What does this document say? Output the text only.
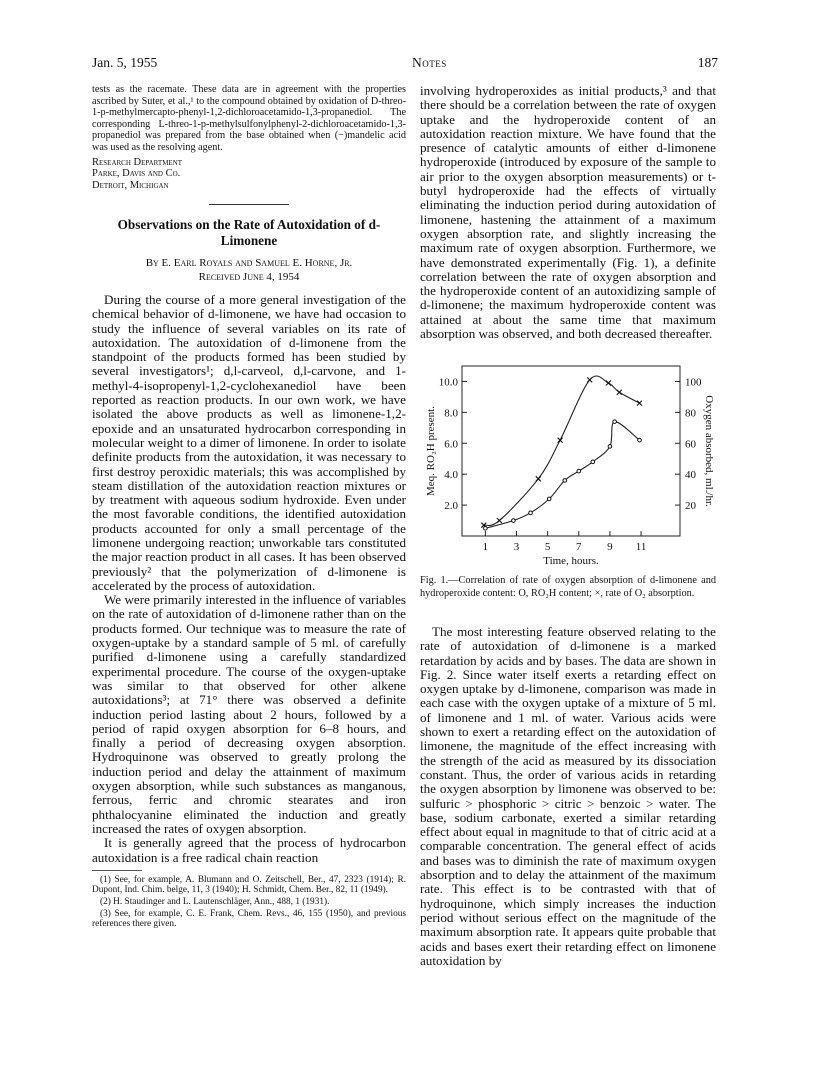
Jan. 5, 1955	Notes	187

tests as the racemate. These data are in agreement with the properties ascribed by Suter, et al.,¹ to the compound obtained by oxidation of D-threo-1-p-methylmercapto-phenyl-1,2-dichloroacetamido-1,3-propanediol. The corresponding L-threo-1-p-methylsulfonylphenyl-2-dichloroacetamido-1,3-propanediol was prepared from the base obtained when (−)mandelic acid was used as the resolving agent.

Research Department

Parke, Davis and Co.

Detroit, Michigan

Observations on the Rate of Autoxidation of d-Limonene

By E. Earl Royals and Samuel E. Horne, Jr.

Received June 4, 1954

During the course of a more general investigation of the chemical behavior of d-limonene, we have had occasion to study the influence of several variables on its rate of autoxidation. The autoxidation of d-limonene from the standpoint of the products formed has been studied by several investigators¹; d,l-carveol, d,l-carvone, and 1-methyl-4-isopropenyl-1,2-cyclohexanediol have been reported as reaction products. In our own work, we have isolated the above products as well as limonene-1,2-epoxide and an unsaturated hydrocarbon corresponding in molecular weight to a dimer of limonene. In order to isolate definite products from the autoxidation, it was necessary to first destroy peroxidic materials; this was accomplished by steam distillation of the autoxidation reaction mixtures or by treatment with aqueous sodium hydroxide. Even under the most favorable conditions, the identified autoxidation products accounted for only a small percentage of the limonene undergoing reaction; unworkable tars constituted the major reaction product in all cases. It has been observed previously² that the polymerization of d-limonene is accelerated by the process of autoxidation.

We were primarily interested in the influence of variables on the rate of autoxidation of d-limonene rather than on the products formed. Our technique was to measure the rate of oxygen-uptake by a standard sample of 5 ml. of carefully purified d-limonene using a carefully standardized experimental procedure. The course of the oxygen-uptake was similar to that observed for other alkene autoxidations³; at 71° there was observed a definite induction period lasting about 2 hours, followed by a period of rapid oxygen absorption for 6–8 hours, and finally a period of decreasing oxygen absorption. Hydroquinone was observed to greatly prolong the induction period and delay the attainment of maximum oxygen absorption, while such substances as manganous, ferrous, ferric and chromic stearates and iron phthalocyanine eliminated the induction and greatly increased the rates of oxygen absorption.

It is generally agreed that the process of hydrocarbon autoxidation is a free radical chain reaction

(1) See, for example, A. Blumann and O. Zeitschell, Ber., 47, 2323 (1914); R. Dupont, Ind. Chim. belge, 11, 3 (1940); H. Schmidt, Chem. Ber., 82, 11 (1949).

(2) H. Staudinger and L. Lautenschläger, Ann., 488, 1 (1931).

(3) See, for example, C. E. Frank, Chem. Revs., 46, 155 (1950), and previous references there given.

involving hydroperoxides as initial products,³ and that there should be a correlation between the rate of oxygen uptake and the hydroperoxide content of an autoxidation reaction mixture. We have found that the presence of catalytic amounts of either d-limonene hydroperoxide (introduced by exposure of the sample to air prior to the oxygen absorption measurements) or t-butyl hydroperoxide had the effects of virtually eliminating the induction period during autoxidation of limonene, hastening the attainment of a maximum oxygen absorption rate, and slightly increasing the maximum rate of oxygen absorption. Furthermore, we have demonstrated experimentally (Fig. 1), a definite correlation between the rate of oxygen absorption and the hydroperoxide content of an autoxidizing sample of d-limonene; the maximum hydroperoxide content was attained at about the same time that maximum absorption was observed, and both decreased thereafter.

1 3 5 7 9 11
2.0
4.0
6.0
8.0
10.0
20
40
60
80
100
Time, hours.
Meq. RO₂H present.	Oxygen absorbed, ml./hr.

Fig. 1.—Correlation of rate of oxygen absorption of d-limonene and hydroperoxide content: O, RO₂H content; ×, rate of O₂ absorption.

The most interesting feature observed relating to the rate of autoxidation of d-limonene is a marked retardation by acids and by bases. The data are shown in Fig. 2. Since water itself exerts a retarding effect on oxygen uptake by d-limonene, comparison was made in each case with the oxygen uptake of a mixture of 5 ml. of limonene and 1 ml. of water. Various acids were shown to exert a retarding effect on the autoxidation of limonene, the magnitude of the effect increasing with the strength of the acid as measured by its dissociation constant. Thus, the order of various acids in retarding the oxygen absorption by limonene was observed to be: sulfuric > phosphoric > citric > benzoic > water. The base, sodium carbonate, exerted a similar retarding effect about equal in magnitude to that of citric acid at a comparable concentration. The general effect of acids and bases was to diminish the rate of maximum oxygen absorption and to delay the attainment of the maximum rate. This effect is to be contrasted with that of hydroquinone, which simply increases the induction period without serious effect on the magnitude of the maximum absorption rate. It appears quite probable that acids and bases exert their retarding effect on limonene autoxidation by
